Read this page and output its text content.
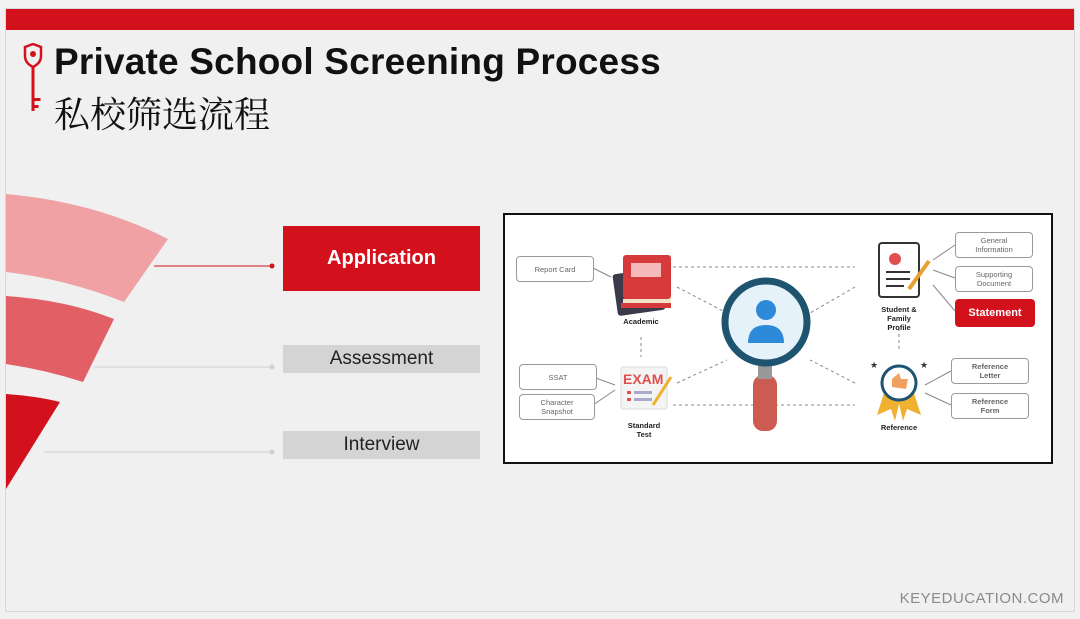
Private School Screening Process
私校筛选流程
Application
Assessment
Interview
EXAM
★	★
Report Card
Academic
SSAT
Character Snapshot
Standard Test
General Information
Supporting Document
Statement
Student & Family Profile
Reference Letter
Reference Form
Reference
KEYEDUCATION.COM
